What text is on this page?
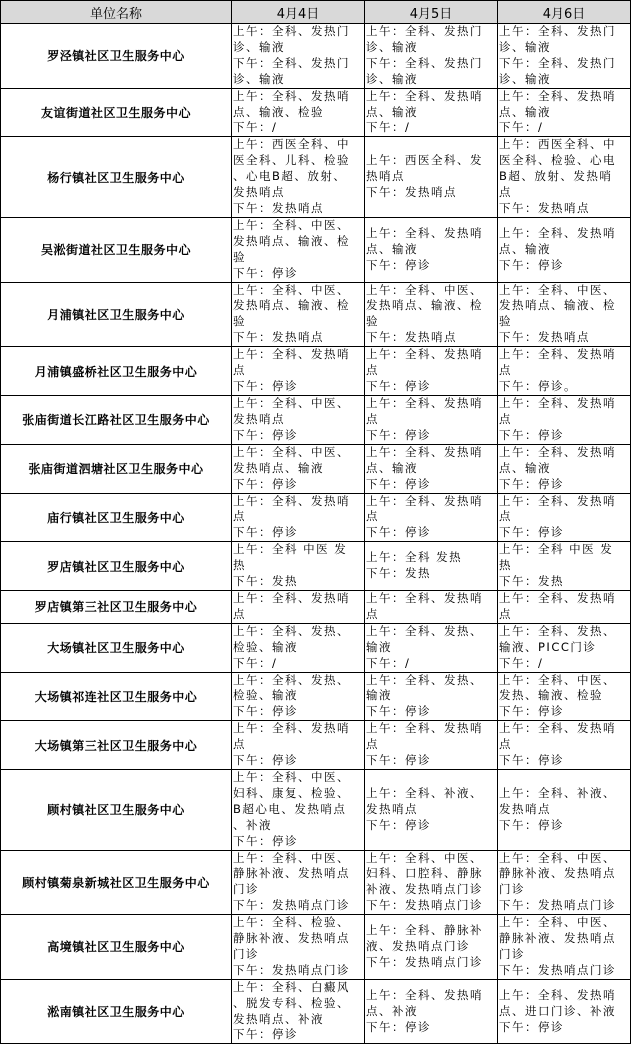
单位名称	4月4日	4月5日	4月6日
罗泾镇社区卫生服务中心	上午：全科、发热门
诊、输液
下午：全科、发热门
诊、输液	上午：全科、发热门
诊、输液
下午：全科、发热门
诊、输液	上午：全科、发热门
诊、输液
下午：全科、发热门
诊、输液

友谊街道社区卫生服务中心	上午：全科、发热哨
点、输液、检验
下午：/	上午：全科、发热哨
点、输液
下午：/	上午：全科、发热哨
点、输液
下午：/

杨行镇社区卫生服务中心	上午：西医全科、中
医全科、儿科、检验
、心电B超、放射、
发热哨点
下午：发热哨点	上午：西医全科、发
热哨点
下午：发热哨点	上午：西医全科、中
医全科、检验、心电
B超、放射、发热哨
点
下午：发热哨点

吴淞街道社区卫生服务中心	上午：全科、中医、
发热哨点、输液、检
验
下午：停诊	上午：全科、发热哨
点、输液
下午：停诊	上午：全科、发热哨
点、输液
下午：停诊

月浦镇社区卫生服务中心	上午：全科、中医、
发热哨点、输液、检
验
下午：发热哨点	上午：全科、中医、
发热哨点、输液、检
验
下午：发热哨点	上午：全科、中医、
发热哨点、输液、检
验
下午：发热哨点

月浦镇盛桥社区卫生服务中心	上午：全科、发热哨
点
下午：停诊	上午：全科、发热哨
点
下午：停诊	上午：全科、发热哨
点
下午：停诊。

张庙街道长江路社区卫生服务中心	上午：全科、中医、
发热哨点
下午：停诊	上午：全科、发热哨
点
下午：停诊	上午：全科、发热哨
点
下午：停诊

张庙街道泗塘社区卫生服务中心	上午：全科、中医、
发热哨点、输液
下午：停诊	上午：全科、发热哨
点、输液
下午：停诊	上午：全科、发热哨
点、输液
下午：停诊

庙行镇社区卫生服务中心	上午：全科、发热哨
点
下午：停诊	上午：全科、发热哨
点
下午：停诊	上午：全科、发热哨
点
下午：停诊

罗店镇社区卫生服务中心	上午：全科 中医 发
热
下午：发热	上午：全科 发热
下午：发热	上午：全科 中医 发
热
下午：发热

罗店镇第三社区卫生服务中心	上午：全科、发热哨
点	上午：全科、发热哨
点	上午：全科、发热哨
点

大场镇社区卫生服务中心	上午：全科、发热、
检验、输液
下午：/	上午：全科、发热、
输液
下午：/	上午：全科、发热、
输液、PICC门诊
下午：/

大场镇祁连社区卫生服务中心	上午：全科、发热、
检验、输液
下午：停诊	上午：全科、发热、
输液
下午：停诊	上午：全科、中医、
发热、输液、检验
下午：停诊

大场镇第三社区卫生服务中心	上午：全科、发热哨
点
下午：停诊	上午：全科、发热哨
点
下午：停诊	上午：全科、发热哨
点
下午：停诊

顾村镇社区卫生服务中心	上午：全科、中医、
妇科、康复、检验、
B超心电、发热哨点
、补液
下午：停诊	上午：全科、补液、
发热哨点
下午：停诊	上午：全科、补液、
发热哨点
下午：停诊

顾村镇菊泉新城社区卫生服务中心	上午：全科、中医、
静脉补液、发热哨点
门诊
下午：发热哨点门诊	上午：全科、中医、
妇科、口腔科、静脉
补液、发热哨点门诊
下午：发热哨点门诊	上午：全科、中医、
静脉补液、发热哨点
门诊
下午：发热哨点门诊

高境镇社区卫生服务中心	上午：全科、检验、
静脉补液、发热哨点
门诊
下午：发热哨点门诊	上午：全科、静脉补
液、发热哨点门诊
下午：发热哨点门诊	上午：全科、中医、
静脉补液、发热哨点
门诊
下午：发热哨点门诊

淞南镇社区卫生服务中心	上午：全科、白癜风
、脱发专科、检验、
发热哨点、补液
下午：停诊	上午：全科、发热哨
点、补液
下午：停诊	上午：全科、发热哨
点、进口门诊、补液
下午：停诊
